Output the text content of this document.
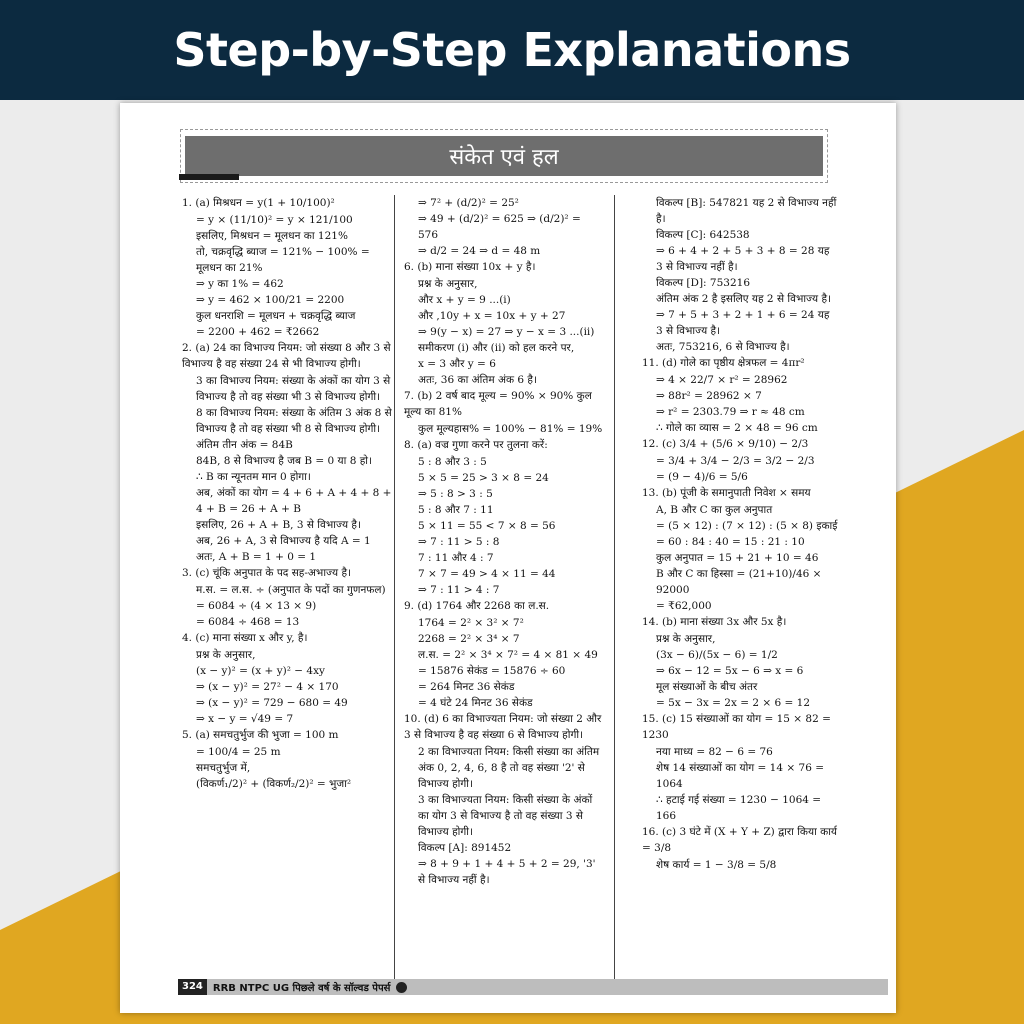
Step-by-Step Explanations
संकेत एवं हल
1. (a) मिश्रधन = y(1 + 10/100)²
= y × (11/10)² = y × 121/100
इसलिए, मिश्रधन = मूलधन का 121%
तो, चक्रवृद्धि ब्याज = 121% − 100% = मूलधन का 21%
⇒ y का 1% = 462
⇒ y = 462 × 100/21 = 2200
कुल धनराशि = मूलधन + चक्रवृद्धि ब्याज
= 2200 + 462 = ₹2662
2. (a) 24 का विभाज्य नियम: जो संख्या 8 और 3 से विभाज्य है वह संख्या 24 से भी विभाज्य होगी।
3 का विभाज्य नियम: संख्या के अंकों का योग 3 से विभाज्य है तो वह संख्या भी 3 से विभाज्य होगी।
8 का विभाज्य नियम: संख्या के अंतिम 3 अंक 8 से विभाज्य है तो वह संख्या भी 8 से विभाज्य होगी।
अंतिम तीन अंक = 84B
84B, 8 से विभाज्य है जब B = 0 या 8 हो।
∴ B का न्यूनतम मान 0 होगा।
अब, अंकों का योग = 4 + 6 + A + 4 + 8 + 4 + B = 26 + A + B
इसलिए, 26 + A + B, 3 से विभाज्य है।
अब, 26 + A, 3 से विभाज्य है यदि A = 1
अतः, A + B = 1 + 0 = 1
3. (c) चूंकि अनुपात के पद सह-अभाज्य है।
म.स. = ल.स. ÷ (अनुपात के पदों का गुणनफल)
= 6084 ÷ (4 × 13 × 9)
= 6084 ÷ 468 = 13
4. (c) माना संख्या x और y, है।
प्रश्न के अनुसार,
(x − y)² = (x + y)² − 4xy
⇒ (x − y)² = 27² − 4 × 170
⇒ (x − y)² = 729 − 680 = 49
⇒ x − y = √49 = 7
5. (a) समचतुर्भुज की भुजा = 100 m
= 100/4 = 25 m
समचतुर्भुज में,
(विकर्ण₁/2)² + (विकर्ण₂/2)² = भुजा²
⇒ 7² + (d/2)² = 25²
⇒ 49 + (d/2)² = 625 ⇒ (d/2)² = 576
⇒ d/2 = 24 ⇒ d = 48 m
6. (b) माना संख्या 10x + y है।
प्रश्न के अनुसार,
और x + y = 9 ...(i)
और ,10y + x = 10x + y + 27
⇒ 9(y − x) = 27 ⇒ y − x = 3 ...(ii)
समीकरण (i) और (ii) को हल करने पर,
x = 3 और y = 6
अतः, 36 का अंतिम अंक 6 है।
7. (b) 2 वर्ष बाद मूल्य = 90% × 90% कुल मूल्य का 81%
कुल मूल्यहास% = 100% − 81% = 19%
8. (a) वज्र गुणा करने पर तुलना करें:
5 : 8 और 3 : 5
5 × 5 = 25 > 3 × 8 = 24
⇒ 5 : 8 > 3 : 5
5 : 8 और 7 : 11
5 × 11 = 55 < 7 × 8 = 56
⇒ 7 : 11 > 5 : 8
7 : 11 और 4 : 7
7 × 7 = 49 > 4 × 11 = 44
⇒ 7 : 11 > 4 : 7
9. (d) 1764 और 2268 का ल.स.
1764 = 2² × 3² × 7²
2268 = 2² × 3⁴ × 7
ल.स. = 2² × 3⁴ × 7² = 4 × 81 × 49
= 15876 सेकंड = 15876 ÷ 60
= 264 मिनट 36 सेकंड
= 4 घंटे 24 मिनट 36 सेकंड
10. (d) 6 का विभाज्यता नियम: जो संख्या 2 और 3 से विभाज्य है वह संख्या 6 से विभाज्य होगी।
2 का विभाज्यता नियम: किसी संख्या का अंतिम अंक 0, 2, 4, 6, 8 है तो वह संख्या '2' से विभाज्य होगी।
3 का विभाज्यता नियम: किसी संख्या के अंकों का योग 3 से विभाज्य है तो वह संख्या 3 से विभाज्य होगी।
विकल्प [A]: 891452
⇒ 8 + 9 + 1 + 4 + 5 + 2 = 29, '3' से विभाज्य नहीं है।
विकल्प [B]: 547821 यह 2 से विभाज्य नहीं है।
विकल्प [C]: 642538
⇒ 6 + 4 + 2 + 5 + 3 + 8 = 28 यह 3 से विभाज्य नहीं है।
विकल्प [D]: 753216
अंतिम अंक 2 है इसलिए यह 2 से विभाज्य है।
⇒ 7 + 5 + 3 + 2 + 1 + 6 = 24 यह 3 से विभाज्य है।
अतः, 753216, 6 से विभाज्य है।
11. (d) गोले का पृष्ठीय क्षेत्रफल = 4πr²
⇒ 4 × 22/7 × r² = 28962
⇒ 88r² = 28962 × 7
⇒ r² = 2303.79 ⇒ r ≈ 48 cm
∴ गोले का व्यास = 2 × 48 = 96 cm
12. (c) 3/4 + (5/6 × 9/10) − 2/3
= 3/4 + 3/4 − 2/3 = 3/2 − 2/3
= (9 − 4)/6 = 5/6
13. (b) पूंजी के समानुपाती निवेश × समय
A, B और C का कुल अनुपात
= (5 × 12) : (7 × 12) : (5 × 8) इकाई
= 60 : 84 : 40 = 15 : 21 : 10
कुल अनुपात = 15 + 21 + 10 = 46
B और C का हिस्सा = (21+10)/46 × 92000
= ₹62,000
14. (b) माना संख्या 3x और 5x है।
प्रश्न के अनुसार,
(3x − 6)/(5x − 6) = 1/2
⇒ 6x − 12 = 5x − 6 ⇒ x = 6
मूल संख्याओं के बीच अंतर
= 5x − 3x = 2x = 2 × 6 = 12
15. (c) 15 संख्याओं का योग = 15 × 82 = 1230
नया माध्य = 82 − 6 = 76
शेष 14 संख्याओं का योग = 14 × 76 = 1064
∴ हटाई गई संख्या = 1230 − 1064 = 166
16. (c) 3 घंटे में (X + Y + Z) द्वारा किया कार्य = 3/8
शेष कार्य = 1 − 3/8 = 5/8
324	RRB NTPC UG पिछले वर्ष के सॉल्वड पेपर्स
